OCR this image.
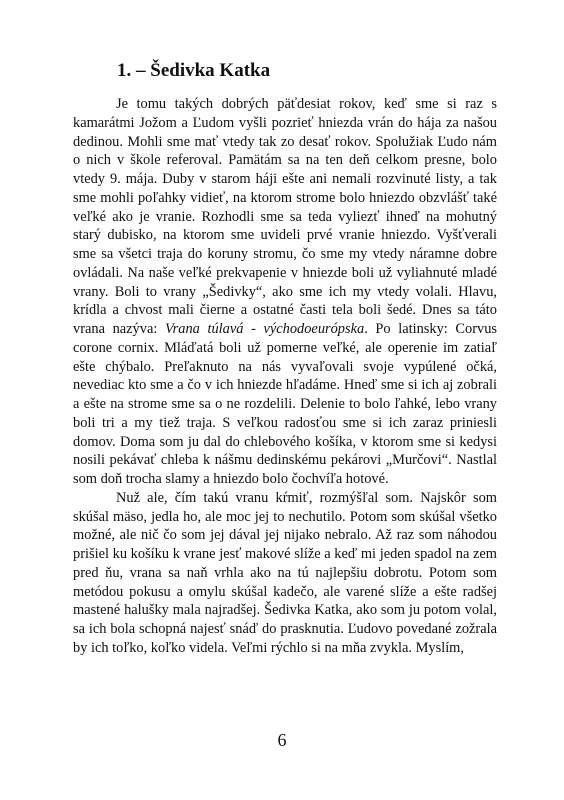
1. – Šedivka Katka

Je tomu takých dobrých päťdesiat rokov, keď sme si raz s kamarátmi Jožom a Ľudom vyšli pozrieť hniezda vrán do hája za našou dedinou. Mohli sme mať vtedy tak zo desať rokov. Spolužiak Ľudo nám o nich v škole referoval. Pamätám sa na ten deň celkom presne, bolo vtedy 9. mája. Duby v starom háji ešte ani nemali rozvinuté listy, a tak sme mohli poľahky vidieť, na ktorom strome bolo hniezdo obzvlášť také veľké ako je vranie. Rozhodli sme sa teda vyliezť ihneď na mohutný starý dubisko, na ktorom sme uvideli prvé vranie hniezdo. Vyšťverali sme sa všetci traja do koruny stromu, čo sme my vtedy náramne dobre ovládali. Na naše veľké prekvapenie v hniezde boli už vyliahnuté mladé vrany. Boli to vrany „Šedivky“, ako sme ich my vtedy volali. Hlavu, krídla a chvost mali čierne a ostatné časti tela boli šedé. Dnes sa táto vrana nazýva: Vrana túlavá - východoeurópska. Po latinsky: Corvus corone cornix. Mláďatá boli už pomerne veľké, ale operenie im zatiaľ ešte chýbalo. Preľaknuto na nás vyvaľovali svoje vypúlené očká, nevediac kto sme a čo v ich hniezde hľadáme. Hneď sme si ich aj zobrali a ešte na strome sme sa o ne rozdelili. Delenie to bolo ľahké, lebo vrany boli tri a my tiež traja. S veľkou radosťou sme si ich zaraz priniesli domov. Doma som ju dal do chlebového košíka, v ktorom sme si kedysi nosili pekávať chleba k nášmu dedinskému pekárovi „Murčovi“. Nastlal som doň trocha slamy a hniezdo bolo čochvíľa hotové.

Nuž ale, čím takú vranu kŕmiť, rozmýšľal som. Najskôr som skúšal mäso, jedla ho, ale moc jej to nechutilo. Potom som skúšal všetko možné, ale nič čo som jej dával jej nijako nebralo. Až raz som náhodou prišiel ku košíku k vrane jesť makové slíže a keď mi jeden spadol na zem pred ňu, vrana sa naň vrhla ako na tú najlepšiu dobrotu. Potom som metódou pokusu a omylu skúšal kadečo, ale varené slíže a ešte radšej mastené halušky mala najradšej. Šedivka Katka, ako som ju potom volal, sa ich bola schopná najesť snáď do prasknutia. Ľudovo povedané zožrala by ich toľko, koľko videla. Veľmi rýchlo si na mňa zvykla. Myslím,

6
